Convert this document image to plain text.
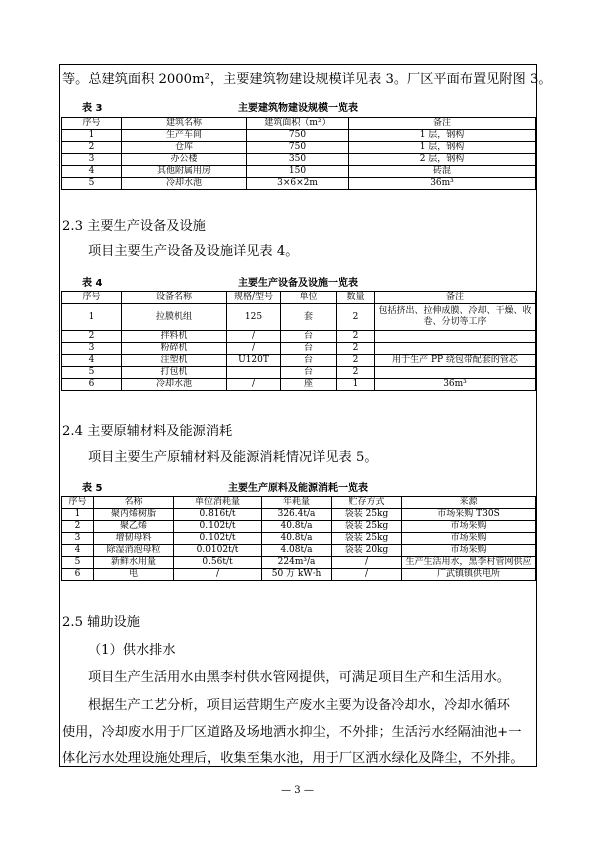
等。总建筑面积 2000m²，主要建筑物建设规模详见表 3。厂区平面布置见附图 3。
表 3	主要建筑物建设规模一览表
序号	建筑名称	建筑面积（m²）	备注
1	生产车间	750	1 层，钢构
2	仓库	750	1 层，钢构
3	办公楼	350	2 层，钢构
4	其他附属用房	150	砖混
5	冷却水池	3×6×2m	36m³
2.3 主要生产设备及设施
项目主要生产设备及设施详见表 4。
表 4	主要生产设备及设施一览表
序号	设备名称	规格/型号	单位	数量	备注
1	拉膜机组	125	套	2	包括挤出、拉伸成膜、冷却、干燥、收卷、分切等工序
2	拌料机	/	台	2	
3	粉碎机	/	台	2	
4	注塑机	U120T	台	2	用于生产 PP 绕包带配套的管芯
5	打包机		台	2	
6	冷却水池	/	座	1	36m³
2.4 主要原辅材料及能源消耗
项目主要生产原辅材料及能源消耗情况详见表 5。
表 5	主要生产原料及能源消耗一览表
序号	名称	单位消耗量	年耗量	贮存方式	来源
1	聚丙烯树脂	0.816t/t	326.4t/a	袋装 25kg	市场采购 T30S
2	聚乙烯	0.102t/t	40.8t/a	袋装 25kg	市场采购
3	增韧母料	0.102t/t	40.8t/a	袋装 25kg	市场采购
4	除湿消泡母粒	0.0102t/t	4.08t/a	袋装 20kg	市场采购
5	新鲜水用量	0.56t/t	224m³/a	/	生产生活用水，黑李村管网供应
6	电	/	50 万 kW·h	/	广武镇镇供电所
2.5 辅助设施
（1）供水排水
项目生产生活用水由黑李村供水管网提供，可满足项目生产和生活用水。
根据生产工艺分析，项目运营期生产废水主要为设备冷却水，冷却水循环
使用，冷却废水用于厂区道路及场地洒水抑尘，不外排；生活污水经隔油池+一
体化污水处理设施处理后，收集至集水池，用于厂区洒水绿化及降尘，不外排。
— 3 —
